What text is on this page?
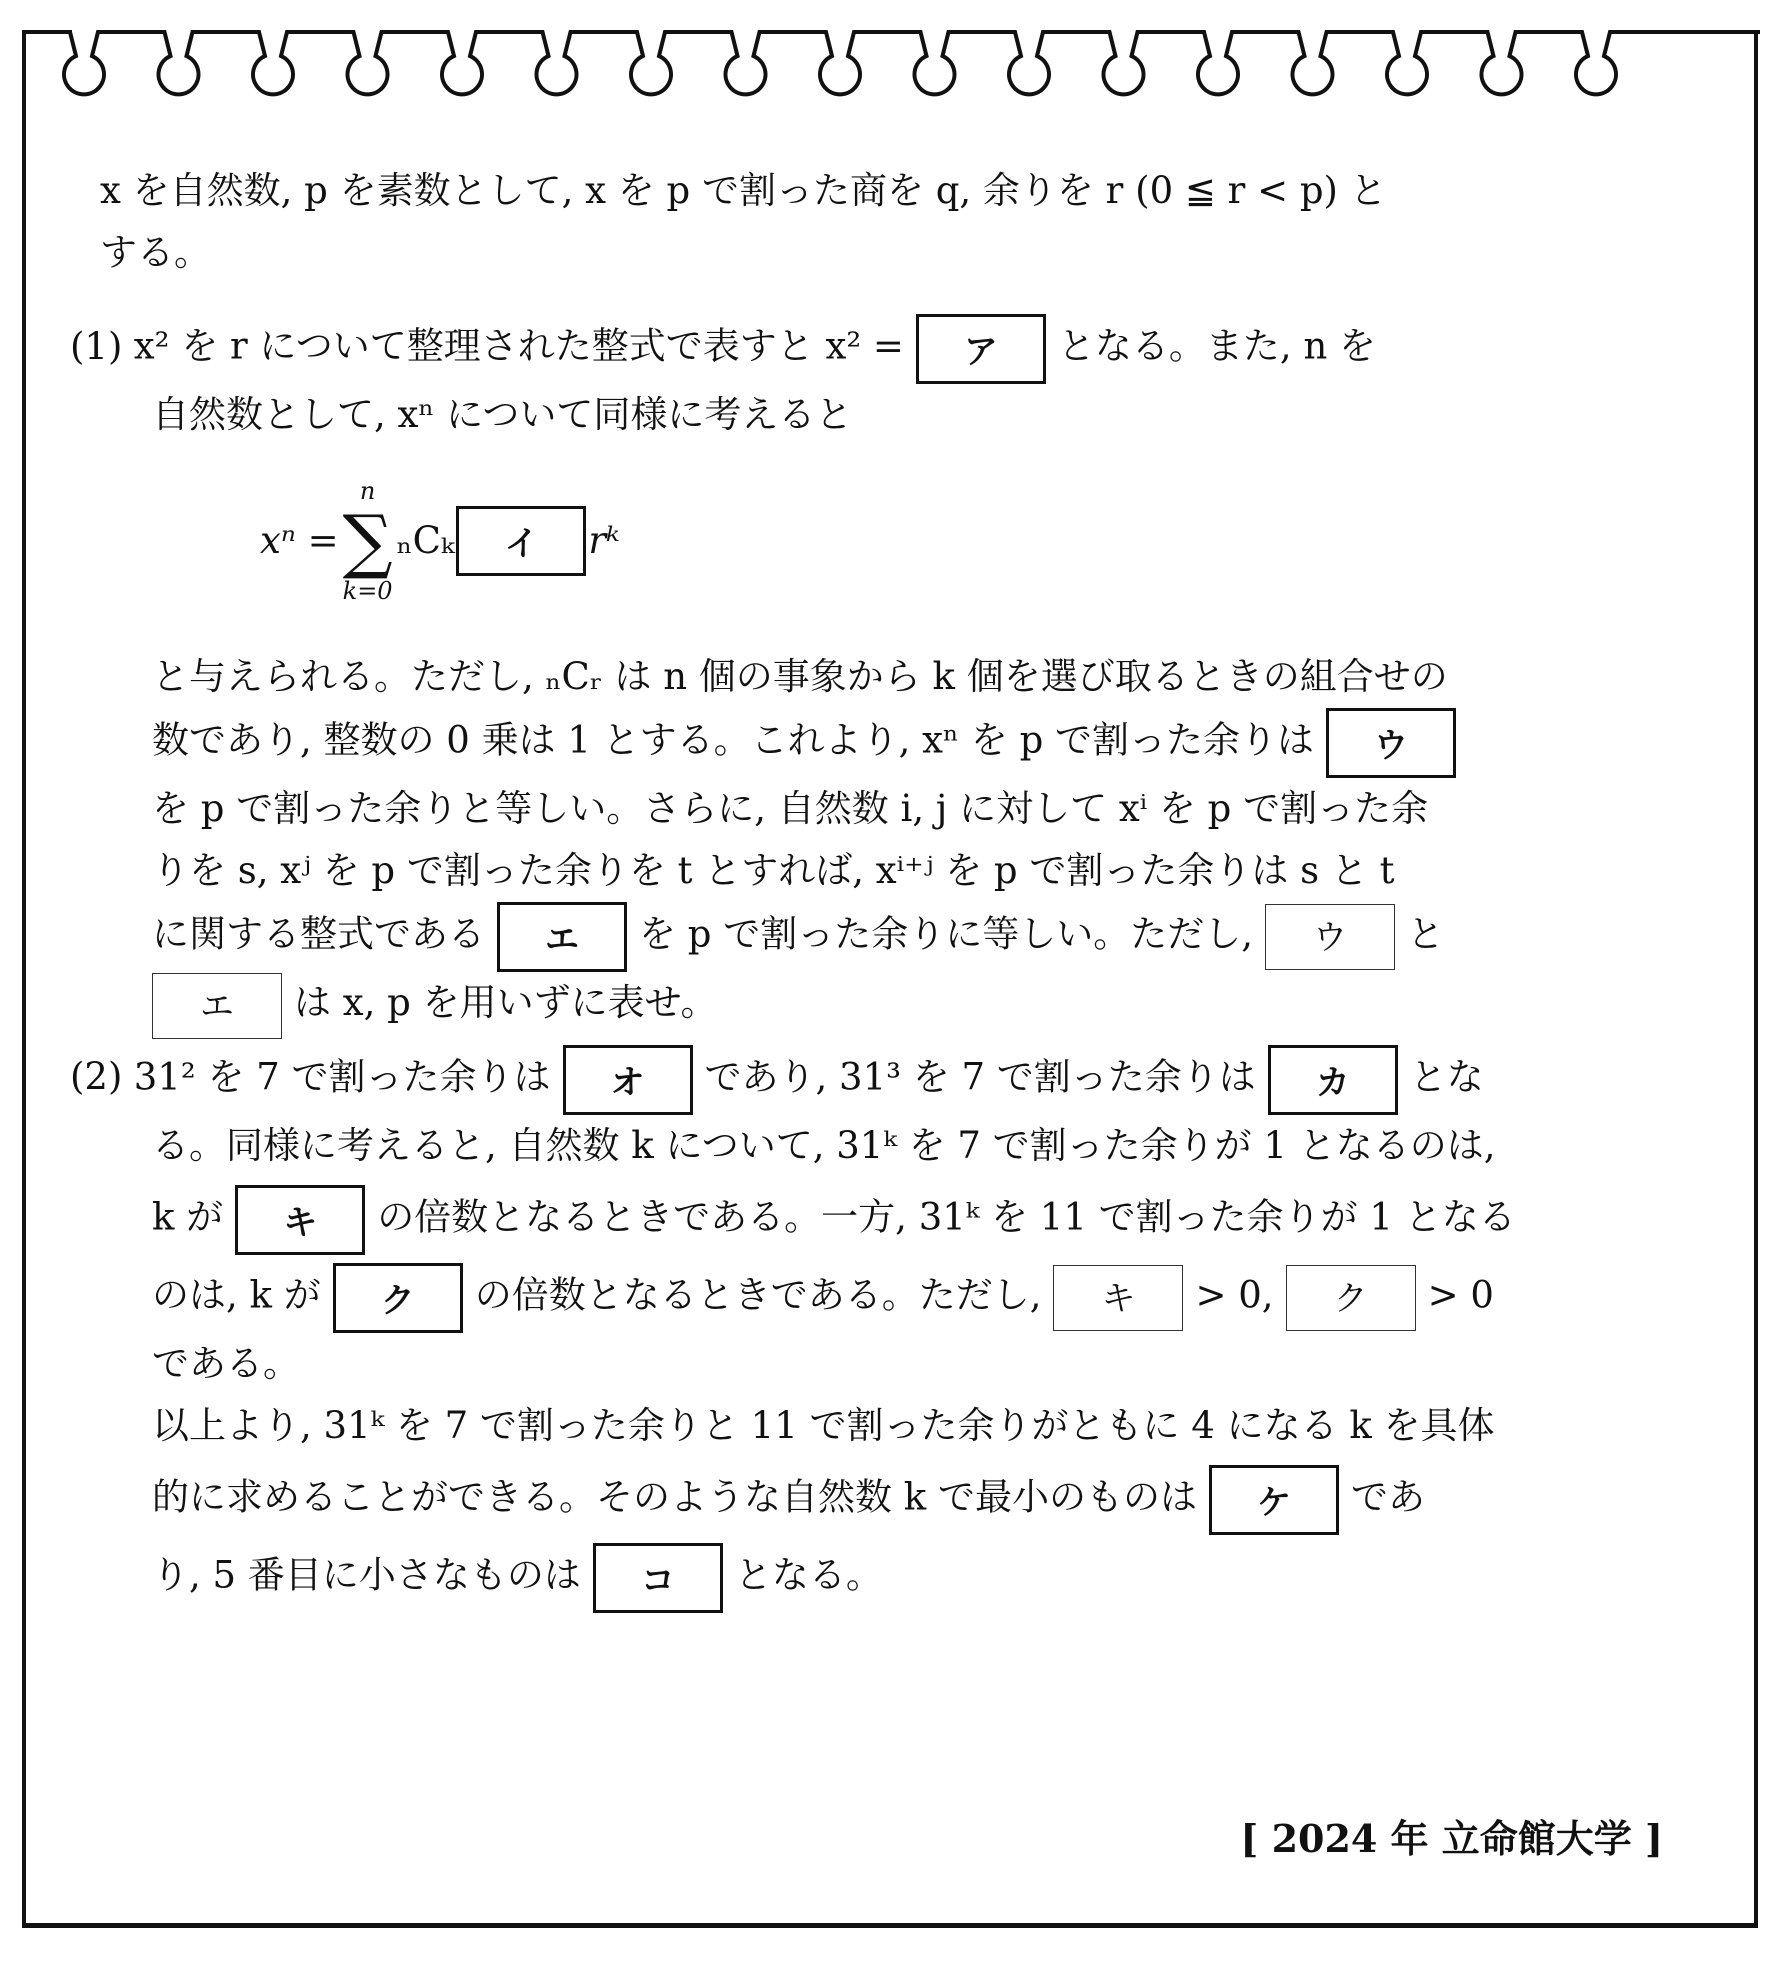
x を自然数, p を素数として, x を p で割った商を q, 余りを r (0 ≦ r < p) と
する。
(1) x² を r について整理された整式で表すと x² = ア となる。また, n を
自然数として, xⁿ について同様に考えると
xⁿ =
n
∑
k=0
ₙCₖ	イ	rᵏ
と与えられる。ただし, ₙCᵣ は n 個の事象から k 個を選び取るときの組合せの
数であり, 整数の 0 乗は 1 とする。これより, xⁿ を p で割った余りは ウ
を p で割った余りと等しい。さらに, 自然数 i, j に対して xⁱ を p で割った余
りを s, xʲ を p で割った余りを t とすれば, xⁱ⁺ʲ を p で割った余りは s と t
に関する整式である エ を p で割った余りに等しい。ただし, ウ と
エ は x, p を用いずに表せ。
(2) 31² を 7 で割った余りは オ であり, 31³ を 7 で割った余りは カ とな
る。同様に考えると, 自然数 k について, 31ᵏ を 7 で割った余りが 1 となるのは,
k が キ の倍数となるときである。一方, 31ᵏ を 11 で割った余りが 1 となる
のは, k が ク の倍数となるときである。ただし, キ > 0, ク > 0
である。
以上より, 31ᵏ を 7 で割った余りと 11 で割った余りがともに 4 になる k を具体
的に求めることができる。そのような自然数 k で最小のものは ケ であ
り, 5 番目に小さなものは コ となる。
[ 2024 年 立命館大学 ]
